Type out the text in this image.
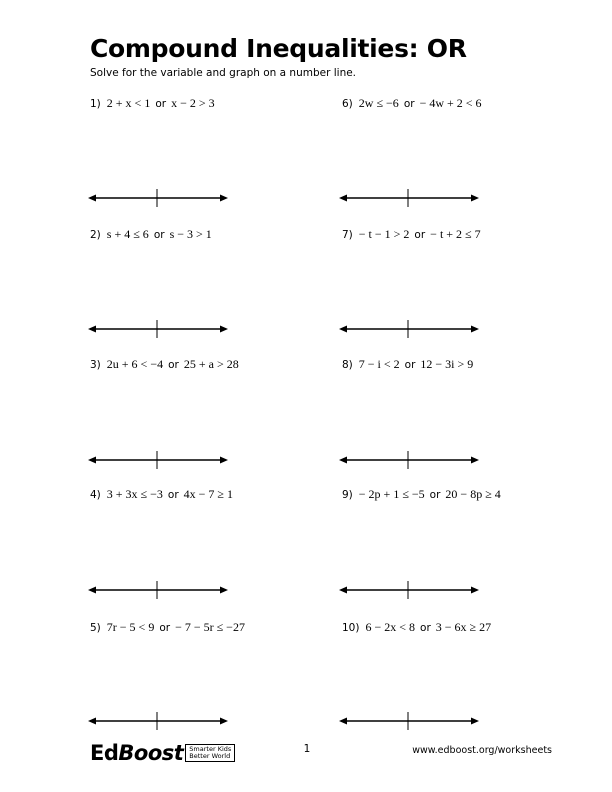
Compound Inequalities: OR
Solve for the variable and graph on a number line.
1) 2 + x < 1 or x − 2 > 3
2) s + 4 ≤ 6 or s − 3 > 1
3) 2u + 6 < −4 or 25 + a > 28
4) 3 + 3x ≤ −3 or 4x − 7 ≥ 1
5) 7r − 5 < 9 or − 7 − 5r ≤ −27
6) 2w ≤ −6 or − 4w + 2 < 6
7) − t − 1 > 2 or − t + 2 ≤ 7
8) 7 − i < 2 or 12 − 3i > 9
9) − 2p + 1 ≤ −5 or 20 − 8p ≥ 4
10) 6 − 2x < 8 or 3 − 6x ≥ 27
Ed Boost Smarter Kids
Better World
1	www.edboost.org/worksheets
